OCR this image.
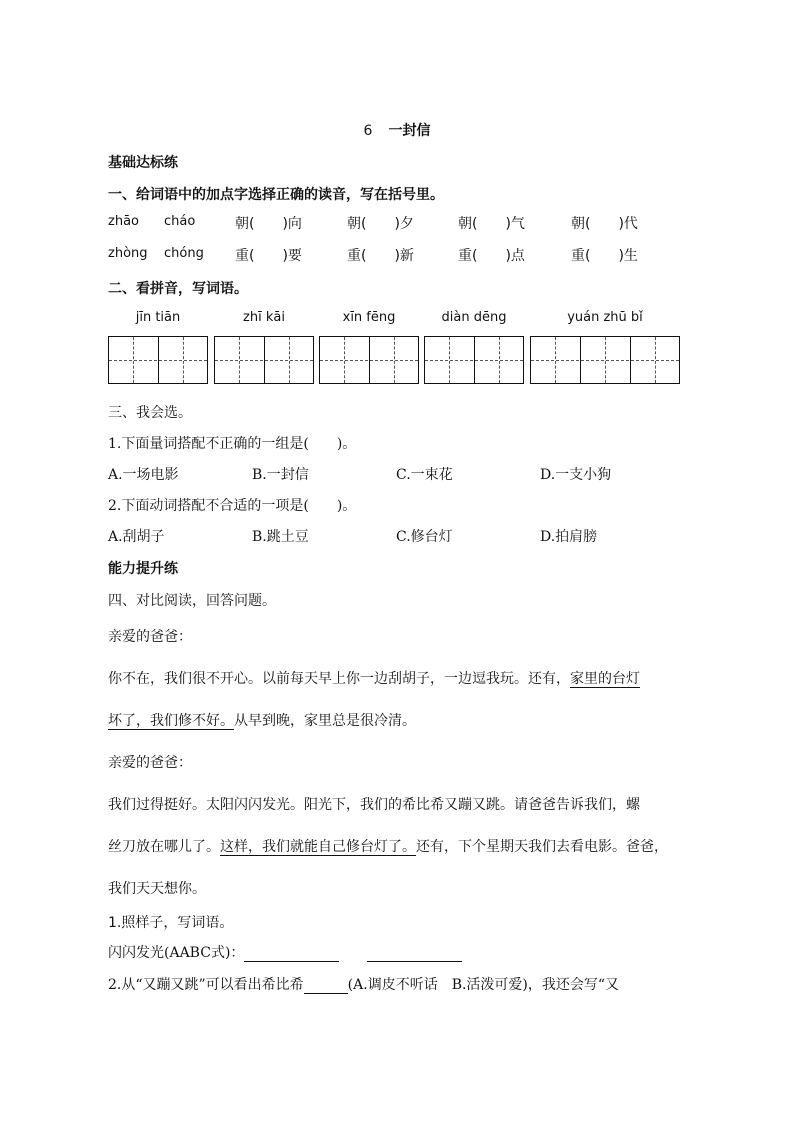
6 一封信
基础达标练
一、给词语中的加点字选择正确的读音，写在括号里。
zhāo cháo	朝(　　)向	朝(　　)夕	朝(　　)气	朝(　　)代
zhòng chóng 重(　　)要	重(　　)新	重(　　)点	重(　　)生
二、看拼音，写词语。
jīn tiān	zhī kāi	xīn fēng	diàn dēng	yuán zhū bǐ
三、我会选。
1.下面量词搭配不正确的一组是(　　)。
A.一场电影	B.一封信	C.一束花	D.一支小狗
2.下面动词搭配不合适的一项是(　　)。
A.刮胡子	B.跳土豆	C.修台灯	D.拍肩膀
能力提升练
四、对比阅读，回答问题。
亲爱的爸爸：
你不在，我们很不开心。以前每天早上你一边刮胡子，一边逗我玩。还有，家里的台灯
坏了，我们修不好。从早到晚，家里总是很冷清。
亲爱的爸爸：
我们过得挺好。太阳闪闪发光。阳光下，我们的希比希又蹦又跳。请爸爸告诉我们，螺
丝刀放在哪儿了。这样，我们就能自己修台灯了。还有，下个星期天我们去看电影。爸爸，
我们天天想你。
1.照样子，写词语。
闪闪发光(AABC式)：　　
2.从“又蹦又跳”可以看出希比希	(A.调皮不听话　B.活泼可爱)，我还会写“又
